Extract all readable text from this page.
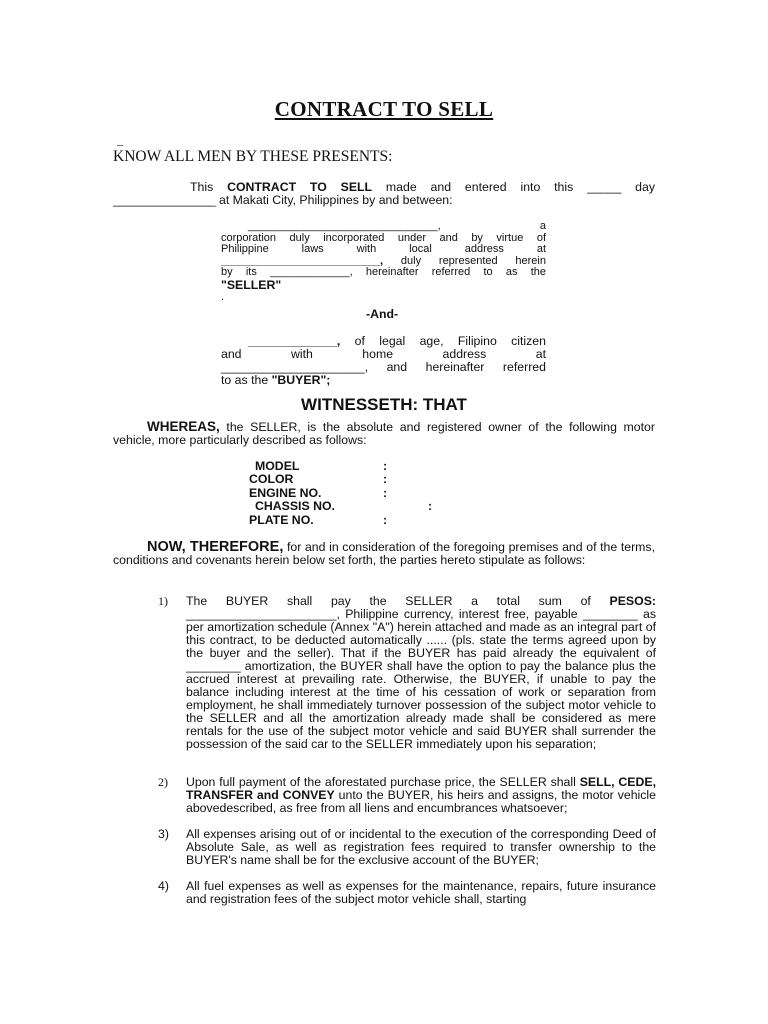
CONTRACT TO SELL
_
KNOW ALL MEN BY THESE PRESENTS:

This CONTRACT TO SELL made and entered into this _____ day

_______________ at Makati City, Philippines by and between:

_______________________________,	a

corporation duly incorporated under and by virtue of

Philippine laws with local address at

__________________________, duly represented herein

by its _____________, hereinafter referred to as the

"SELLER"

.

-And-

_____________, of legal age, Filipino citizen

and with home address at

_____________________, and hereinafter referred

to as the "BUYER";

WITNESSETH: THAT
WHEREAS, the SELLER, is the absolute and registered owner of the following motor vehicle, more particularly described as follows:
MODEL	:
COLOR	:
ENGINE NO.	:
CHASSIS NO.	:
PLATE NO.	:
NOW, THEREFORE, for and in consideration of the foregoing premises and of the terms, conditions and covenants herein below set forth, the parties hereto stipulate as follows:
1)	The BUYER shall pay the SELLER a total sum of PESOS: ______________________, Philippine currency, interest free, payable ________ as per amortization schedule (Annex "A") herein attached and made as an integral part of this contract, to be deducted automatically ...... (pls. state the terms agreed upon by the buyer and the seller). That if the BUYER has paid already the equivalent of ________ amortization, the BUYER shall have the option to pay the balance plus the accrued interest at prevailing rate. Otherwise, the BUYER, if unable to pay the balance including interest at the time of his cessation of work or separation from employment, he shall immediately turnover possession of the subject motor vehicle to the SELLER and all the amortization already made shall be considered as mere rentals for the use of the subject motor vehicle and said BUYER shall surrender the possession of the said car to the SELLER immediately upon his separation;
2)	Upon full payment of the aforestated purchase price, the SELLER shall SELL, CEDE, TRANSFER and CONVEY unto the BUYER, his heirs and assigns, the motor vehicle abovedescribed, as free from all liens and encumbrances whatsoever;
3)	All expenses arising out of or incidental to the execution of the corresponding Deed of Absolute Sale, as well as registration fees required to transfer ownership to the BUYER's name shall be for the exclusive account of the BUYER;
4)	All fuel expenses as well as expenses for the maintenance, repairs, future insurance and registration fees of the subject motor vehicle shall, starting
